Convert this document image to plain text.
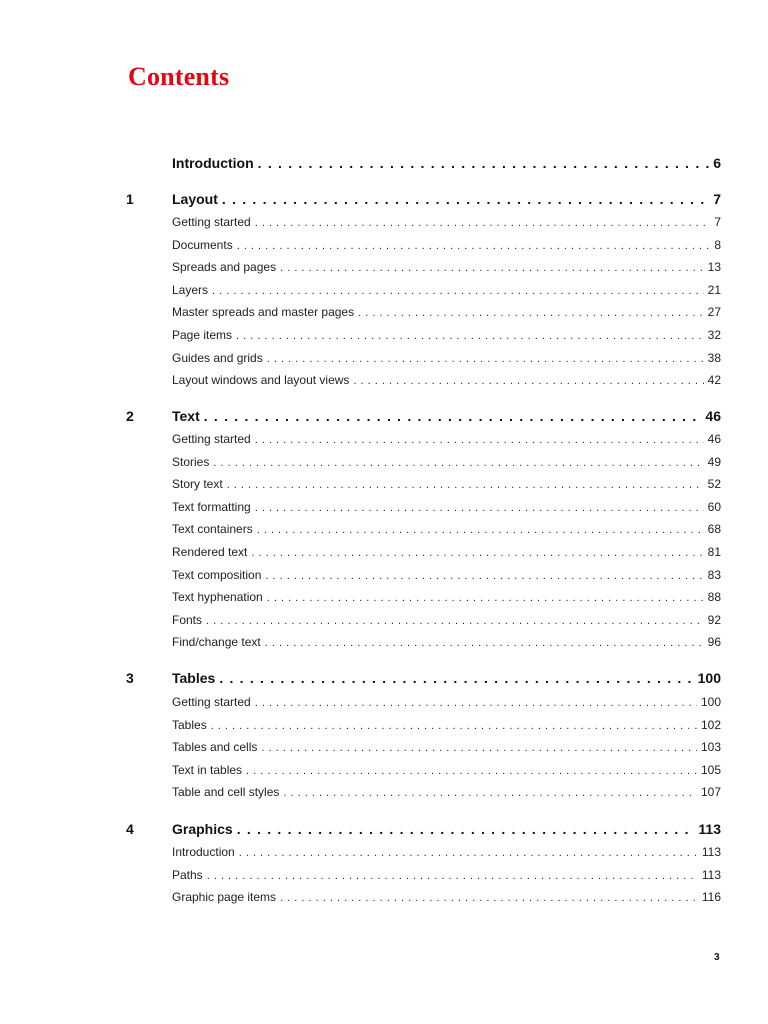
Contents
Introduction . . .	6
1	Layout . . .	7
Getting started . . .	7
Documents . . .	8
Spreads and pages . . .	13
Layers . . .	21
Master spreads and master pages . . .	27
Page items . . .	32
Guides and grids . . .	38
Layout windows and layout views . . .	42
2	Text . . .	46
Getting started . . .	46
Stories . . .	49
Story text . . .	52
Text formatting . . .	60
Text containers . . .	68
Rendered text . . .	81
Text composition . . .	83
Text hyphenation . . .	88
Fonts . . .	92
Find/change text . . .	96
3	Tables . . .	100
Getting started . . .	100
Tables . . .	102
Tables and cells . . .	103
Text in tables . . .	105
Table and cell styles . . .	107
4	Graphics . . .	113
Introduction . . .	113
Paths . . .	113
Graphic page items . . .	116
3
